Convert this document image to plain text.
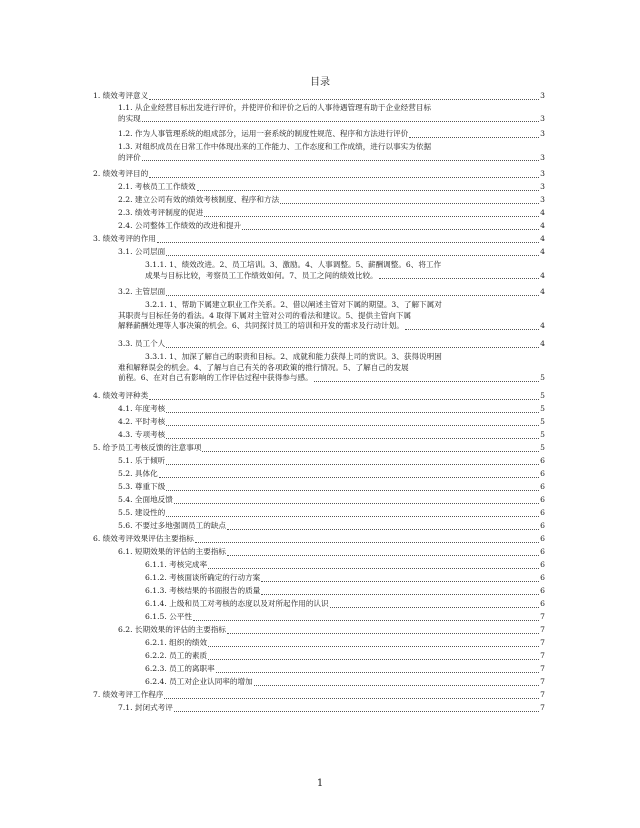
目录
1. 绩效考评意义	3
1.1. 从企业经营目标出发进行评价，并使评价和评价之后的人事待遇管理有助于企业经营目标
的实现	3
1.2. 作为人事管理系统的组成部分，运用一套系统的制度性规范、程序和方法进行评价	3
1.3. 对组织成员在日常工作中体现出来的工作能力、工作态度和工作成绩，进行以事实为依据
的评价	3
2. 绩效考评目的	3
2.1. 考核员工工作绩效	3
2.2. 建立公司有效的绩效考核制度、程序和方法	3
2.3. 绩效考评制度的促进	4
2.4. 公司整体工作绩效的改进和提升	4
3. 绩效考评的作用	4
3.1. 公司层面	4
3.1.1. 1、绩效改进。2、员工培训。3、激励。4、人事调整。5、薪酬调整。6、将工作
成果与目标比较，考察员工工作绩效如何。7、员工之间的绩效比较。	4
3.2. 主管层面	4
3.2.1. 1、帮助下属建立职业工作关系。2、借以阐述主管对下属的期望。3、了解下属对
其职责与目标任务的看法。4 取得下属对主管对公司的看法和建议。5、提供主管向下属
解释薪酬处理等人事决策的机会。6、共同探讨员工的培训和开发的需求及行动计划。	4
3.3. 员工个人	4
3.3.1. 1、加深了解自己的职责和目标。2、成就和能力获得上司的赏识。3、获得说明困
难和解释误会的机会。4、了解与自己有关的各项政策的推行情况。5、了解自己的发展
前程。6、在对自己有影响的工作评估过程中获得参与感。	5
4. 绩效考评种类	5
4.1. 年度考核	5
4.2. 平时考核	5
4.3. 专项考核	5
5. 给予员工考核反馈的注意事项	5
5.1. 乐于倾听	6
5.2. 具体化	6
5.3. 尊重下级	6
5.4. 全面地反馈	6
5.5. 建设性的	6
5.6. 不要过多地强调员工的缺点	6
6. 绩效考评效果评估主要指标	6
6.1. 短期效果的评估的主要指标	6
6.1.1. 考核完成率	6
6.1.2. 考核面谈所确定的行动方案	6
6.1.3. 考核结果的书面报告的质量	6
6.1.4. 上级和员工对考核的态度以及对所起作用的认识	6
6.1.5. 公平性	7
6.2. 长期效果的评估的主要指标	7
6.2.1. 组织的绩效	7
6.2.2. 员工的素质	7
6.2.3. 员工的离职率	7
6.2.4. 员工对企业认同率的增加	7
7. 绩效考评工作程序	7
7.1. 封闭式考评	7
1
